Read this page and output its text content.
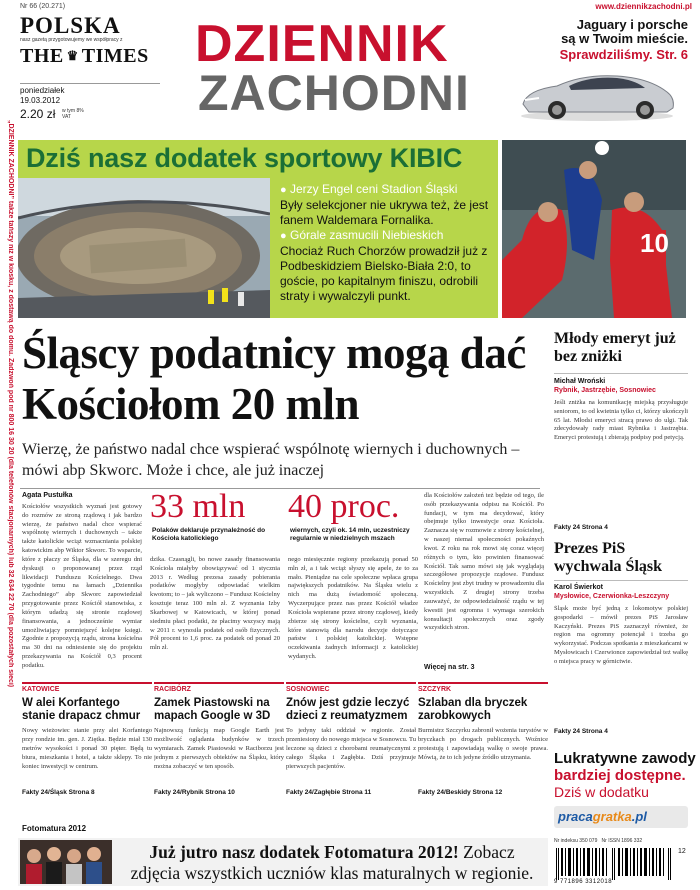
„DZIENNIK ZACHODNI” także tańszy niż w kiosku, z dostawą do domu. Zadzwoń pod nr 800 16 30 20 (dla telefonów stacjonarnych) lub 32 634 22 70 (dla pozostałych sieci)
Nr 66 (20.271)	www.dziennikzachodni.pl
POLSKA
nasz gazetą przygotowujemy we współpracy z
THE ♛ TIMES
poniedziałek
19.03.2012
2.20 zł w tym 8% VAT
DZIENNIK
ZACHODNI
Jaguary i porsche
są w Twoim mieście.
Sprawdziliśmy. Str. 6
Dziś nasz dodatek sportowy KIBIC
● Jerzy Engel ceni Stadion Śląski
Były selekcjoner nie ukrywa też, że jest fanem Waldemara Fornalika.
● Górale zasmucili Niebieskich
Chociaż Ruch Chorzów prowadził już z Podbeskidziem Bielsko-Biała 2:0, to goście, po kapitalnym finiszu, odrobili straty i wywalczyli punkt.
10
Śląscy podatnicy mogą dać Kościołom 20 mln
Wierzę, że państwo nadal chce wspierać wspólnotę wiernych i duchownych – mówi abp Skworc. Może i chce, ale już inaczej
Agata Pustułka
Kościołów wszystkich wyznań jest gotowy do rozmów ze stroną rządową i jak bardzo wierzę, że państwo nadal chce wspierać wspólnotę wiernych i duchownych – także także katolickie wciąż wzmacniania polskiej katowickim abp Wiktor Skworc. To wsparcie, które z płaczy ze Śląska, dla w szeregu dni dyskusji o proponowanej przez rząd likwidacji Funduszu Kościelnego. Dwa tygodnie temu na łamach „Dziennika Zachodniego” abp Skworc zapowiedział przygotowanie przez Kościół stanowiska, z którym udadzą się stronie rządowej finansowania, a jednocześnie wymiar umożliwiający pomniejszyć kolejne księgi. Zgodnie z propozycją rządu, strona kościelna ma 30 dni na odniesienie się do projektu przekazywania na Kościół 0,3 procent podatku.
33 mln
Polaków deklaruje przynależność do Kościoła katolickiego
dzika. Czasnągli, bo nowe zasady finansowania Kościoła miałyby obowiązywać od 1 stycznia 2013 r. Według prezesa zasady pobierania podatków mogłyby odpowiadać wielkim kwotom; to – jak wyliczono – Fundusz Kościelny kosztuje teraz 100 mln zł. Z wyznania Izby Skarbowej w Katowicach, w której ponad siedmiu płaci podatki, że płacimy wszyscy mają w 2011 r. wynosiła podatek od osób fizycznych. Pół procent to 1,6 proc. za podatek od ponad 20 mln zł.
40 proc.
wiernych, czyli ok. 14 mln, uczestniczy regularnie w niedzielnych mszach
nego miesięcznie regiony przekazują ponad 50 mln zł, a i tak wciąż słyszy się apele, że to za mało. Pieniądze na cele społeczne wpłaca grupa największych podatników. Na Śląsku wielu z nich ma dużą świadomość społeczną. Wyczerpujące przez nas przez Kościół władze Kościoła wspierane przez strony rządowej, kiedy zbierze się strony kościelne, czyli wyznania, które stanowią dla narodu decyzje dotyczące państw i polskiej katolickiej. Wstępne oczekiwania żadnych informacji z katolickiej wydanych.
dla Kościołów założeń też będzie od tego, ile osób przekazywania odpisu na Kościół. Po fundacji, w tym ma decydować, który obejmuje tylko inwestycje oraz Kościoła. Zaznacza się w rozmowie z strony kościelnej, w naszej niemal społeczności pokaźnych kwot. Z roku na rok mowi się coraz więcej różnych o tym, kto powinien finansować Kościół. Tak samo mówi się jak wyglądają szczegółowe propozycje rządowe. Fundusz Kościelny jest zbyt trudny w prowadzeniu dla wszystkich. Z drugiej strony trzeba zauważyć, że odpowiedzialność rządu w tej kwestii jest ogromna i wymaga szerokich konsultacji społecznych oraz zgody wszystkich stron.
Więcej na str. 3
KATOWICE
W alei Korfantego stanie drapacz chmur
Nowy wieżowiec stanie przy alei Korfantego przy rondzie im. gen. J. Ziętka. Będzie miał 130 metrów wysokości i ponad 30 pięter. Będą tu biura, mieszkania i hotel, a także sklepy. To nie koniec inwestycji w centrum.
Fakty 24/Śląsk Strona 8
RACIBÓRZ
Zamek Piastowski na mapach Google w 3D
Najnowszą funkcją map Google Earth jest możliwość oglądania budynków w trzech wymiarach. Zamek Piastowski w Raciborzu jest jednym z pierwszych obiektów na Śląsku, który można zobaczyć w ten sposób.
Fakty 24/Rybnik Strona 10
SOSNOWIEC
Znów jest gdzie leczyć dzieci z reumatyzmem
To jedyny taki oddział w regionie. Został przeniesiony do nowego miejsca w Sosnowcu. Tu leczone są dzieci z chorobami reumatycznymi z całego Śląska i Zagłębia. Dziś przyjmuje pierwszych pacjentów.
Fakty 24/Zagłębie Strona 11
SZCZYRK
Szlaban dla bryczek zarobkowych
Burmistrz Szczyrku zabronił wożenia turystów w bryczkach po drogach publicznych. Woźnice protestują i zapowiadają walkę o swoje prawa. Mówią, że to ich jedyne źródło utrzymania.
Fakty 24/Beskidy Strona 12
Fotomatura 2012
Młody emeryt już bez zniżki
Michał Wroński
Rybnik, Jastrzębie, Sosnowiec
Jeśli zniżka na komunikację miejską przysługuje seniorom, to od kwietnia tylko ci, którzy ukończyli 65 lat. Młodsi emeryci stracą prawo do ulgi. Tak zdecydowały rady miast Rybnika i Jastrzębia. Emeryci protestują i zbierają podpisy pod petycją.
Fakty 24 Strona 4
Prezes PiS wychwala Śląsk
Karol Świerkot
Mysłowice, Czerwionka-Leszczyny
Śląsk może być jedną z lokomotyw polskiej gospodarki – mówił prezes PiS Jarosław Kaczyński. Prezes PiS zaznaczył również, że region ma ogromny potencjał i trzeba go wykorzystać. Podczas spotkania z mieszkańcami w Mysłowicach i Czerwionce zapowiedział też walkę o miejsca pracy w górnictwie.
Fakty 24 Strona 4
Lukratywne zawody
bardziej dostępne.
Dziś w dodatku
pracagratka.pl
Nr indeksu 350 079 Nr ISSN 1896 332
9 771896 3312018
12
Już jutro nasz dodatek Fotomatura 2012! Zobacz
zdjęcia wszystkich uczniów klas maturalnych w regionie.
